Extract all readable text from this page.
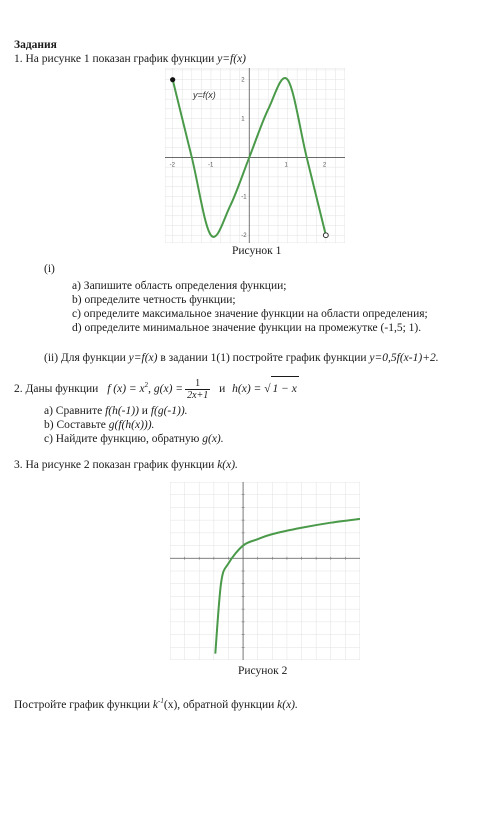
Задания
1. На рисунке 1 показан график функции y=f(x)
-2	-1	1	2
2
1
-1
-2
y=f(x)
Рисунок 1
(i)
a) Запишите область определения функции;
b) определите четность функции;
c) определите максимальное значение функции на области определения;
d) определите минимальное значение функции на промежутке (-1,5; 1).
(ii) Для функции y=f(x) в задании 1(1) постройте график функции y=0,5f(x-1)+2.
2. Даны функции f $(x) = x^2$, $g(x) = \frac{1}{2x+1}$ и h(x) = √ 1 − x
a) Сравните f(h(-1)) и f(g(-1)).
b) Составьте g(f(h(x))).
c) Найдите функцию, обратную g(x).
3. На рисунке 2 показан график функции k(x).
Рисунок 2
Постройте график функции $k^{-1}(x)$, обратной функции k(x).
